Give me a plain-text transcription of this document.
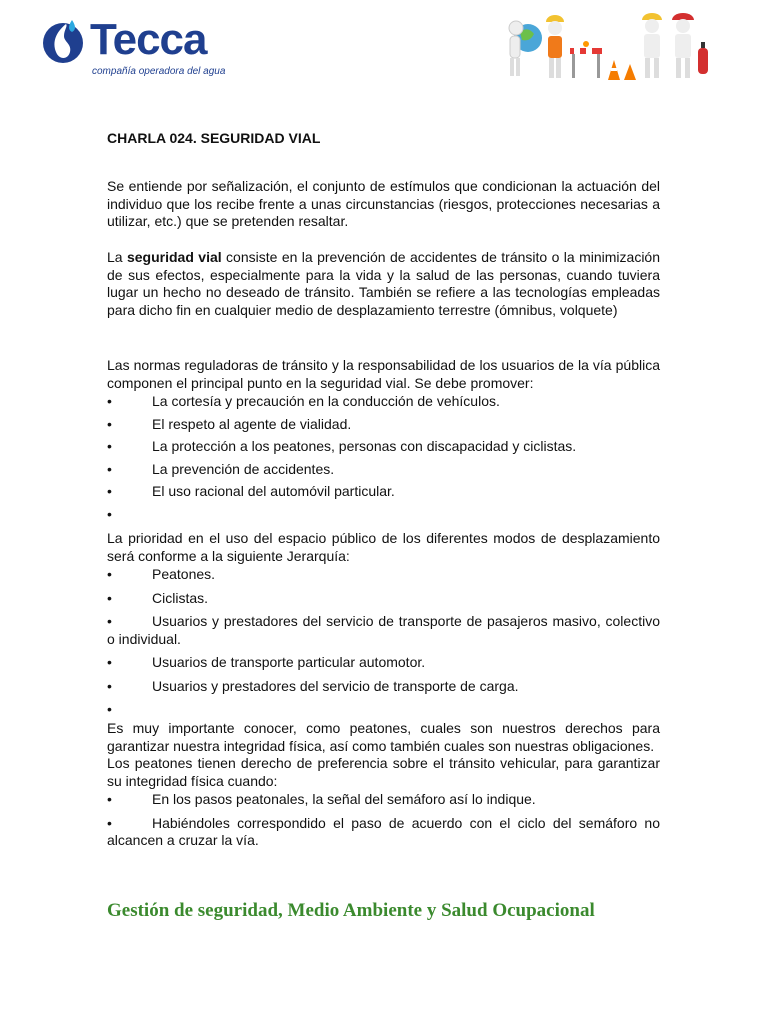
Tecca
compañía operadora del agua
CHARLA 024. SEGURIDAD VIAL

Se entiende por señalización, el conjunto de estímulos que condicionan la actuación del individuo que los recibe frente a unas circunstancias (riesgos, protecciones necesarias a utilizar, etc.) que se pretenden resaltar.

La seguridad vial consiste en la prevención de accidentes de tránsito o la minimización de sus efectos, especialmente para la vida y la salud de las personas, cuando tuviera lugar un hecho no deseado de tránsito. También se refiere a las tecnologías empleadas para dicho fin en cualquier medio de desplazamiento terrestre (ómnibus, volquete)

Las normas reguladoras de tránsito y la responsabilidad de los usuarios de la vía pública componen el principal punto en la seguridad vial. Se debe promover:

•	La cortesía y precaución en la conducción de vehículos.
•	El respeto al agente de vialidad.
•	La protección a los peatones, personas con discapacidad y ciclistas.
•	La prevención de accidentes.
•	El uso racional del automóvil particular.
•

La prioridad en el uso del espacio público de los diferentes modos de desplazamiento será conforme a la siguiente Jerarquía:

•	Peatones.
•	Ciclistas.
•	Usuarios y prestadores del servicio de transporte de pasajeros masivo, colectivo o individual.
•	Usuarios de transporte particular automotor.
•	Usuarios y prestadores del servicio de transporte de carga.
•

Es muy importante conocer, como peatones, cuales son nuestros derechos para garantizar nuestra integridad física, así como también cuales son nuestras obligaciones.

Los peatones tienen derecho de preferencia sobre el tránsito vehicular, para garantizar su integridad física cuando:

•	En los pasos peatonales, la señal del semáforo así lo indique.
•	Habiéndoles correspondido el paso de acuerdo con el ciclo del semáforo no alcancen a cruzar la vía.
Gestión de seguridad, Medio Ambiente y Salud Ocupacional
